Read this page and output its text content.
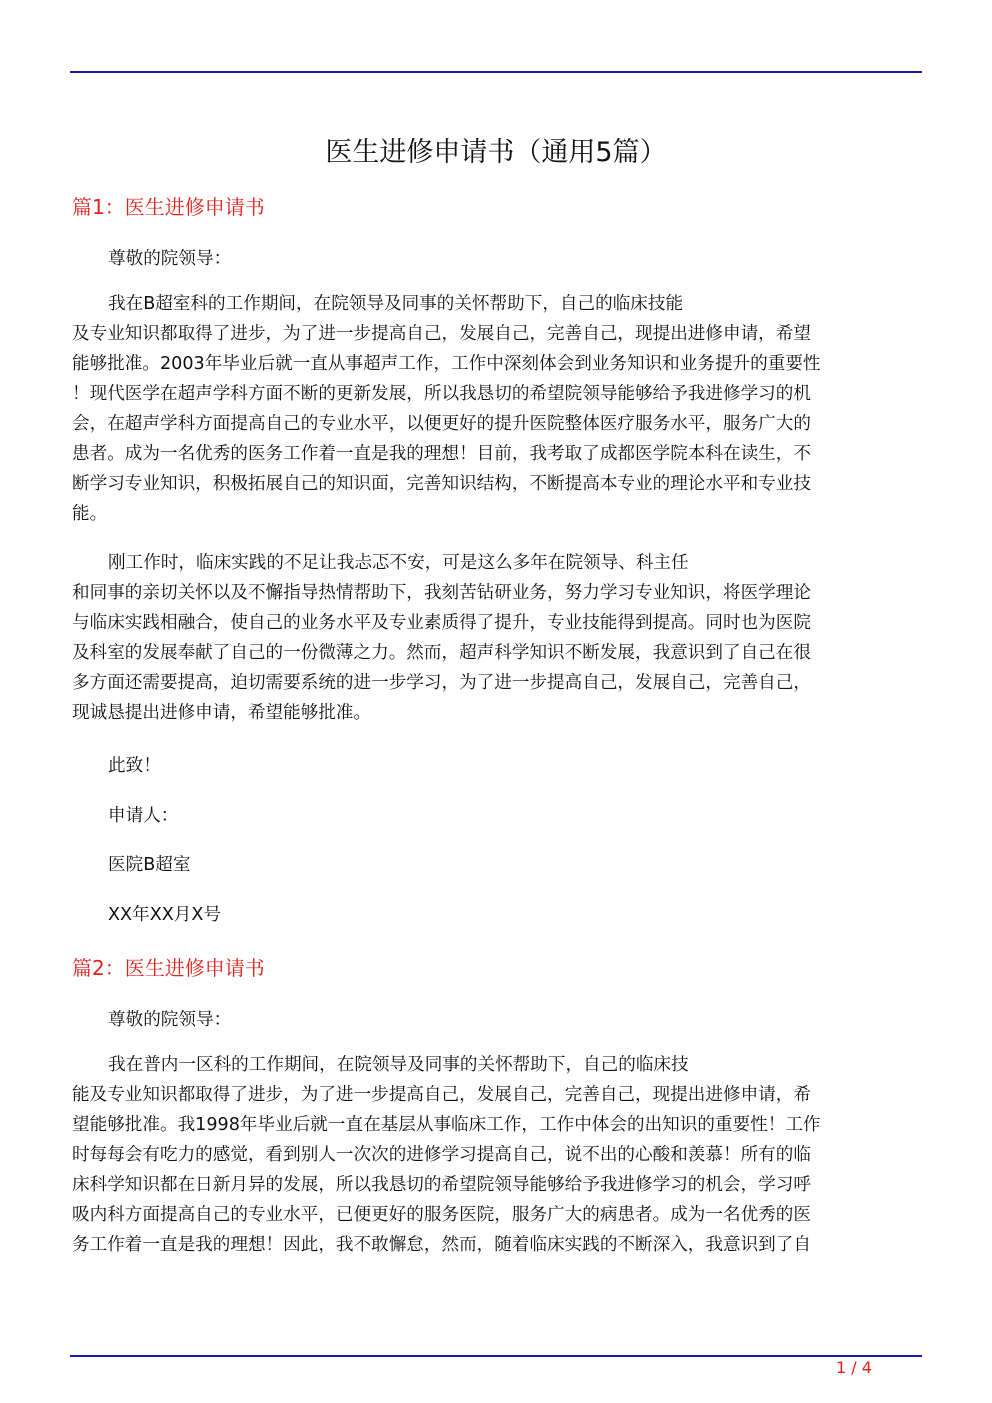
医生进修申请书（通用5篇）
篇1：医生进修申请书
尊敬的院领导：
我在B超室科的工作期间，在院领导及同事的关怀帮助下，自己的临床技能
及专业知识都取得了进步，为了进一步提高自己，发展自己，完善自己，现提出进修申请，希望
能够批准。2003年毕业后就一直从事超声工作，工作中深刻体会到业务知识和业务提升的重要性
！现代医学在超声学科方面不断的更新发展，所以我恳切的希望院领导能够给予我进修学习的机
会，在超声学科方面提高自己的专业水平，以便更好的提升医院整体医疗服务水平，服务广大的
患者。成为一名优秀的医务工作着一直是我的理想！目前，我考取了成都医学院本科在读生，不
断学习专业知识，积极拓展自己的知识面，完善知识结构，不断提高本专业的理论水平和专业技
能。
刚工作时，临床实践的不足让我忐忑不安，可是这么多年在院领导、科主任
和同事的亲切关怀以及不懈指导热情帮助下，我刻苦钻研业务，努力学习专业知识，将医学理论
与临床实践相融合，使自己的业务水平及专业素质得了提升，专业技能得到提高。同时也为医院
及科室的发展奉献了自己的一份微薄之力。然而，超声科学知识不断发展，我意识到了自己在很
多方面还需要提高，迫切需要系统的进一步学习，为了进一步提高自己，发展自己，完善自己，
现诚恳提出进修申请，希望能够批准。
此致！
申请人：
医院B超室
XX年XX月X号
篇2：医生进修申请书
尊敬的院领导：
我在普内一区科的工作期间，在院领导及同事的关怀帮助下，自己的临床技
能及专业知识都取得了进步，为了进一步提高自己，发展自己，完善自己，现提出进修申请，希
望能够批准。我1998年毕业后就一直在基层从事临床工作，工作中体会的出知识的重要性！工作
时每每会有吃力的感觉，看到别人一次次的进修学习提高自己，说不出的心酸和羡慕！所有的临
床科学知识都在日新月异的发展，所以我恳切的希望院领导能够给予我进修学习的机会，学习呼
吸内科方面提高自己的专业水平，已便更好的服务医院，服务广大的病患者。成为一名优秀的医
务工作着一直是我的理想！因此，我不敢懈怠，然而，随着临床实践的不断深入，我意识到了自
1 / 4
